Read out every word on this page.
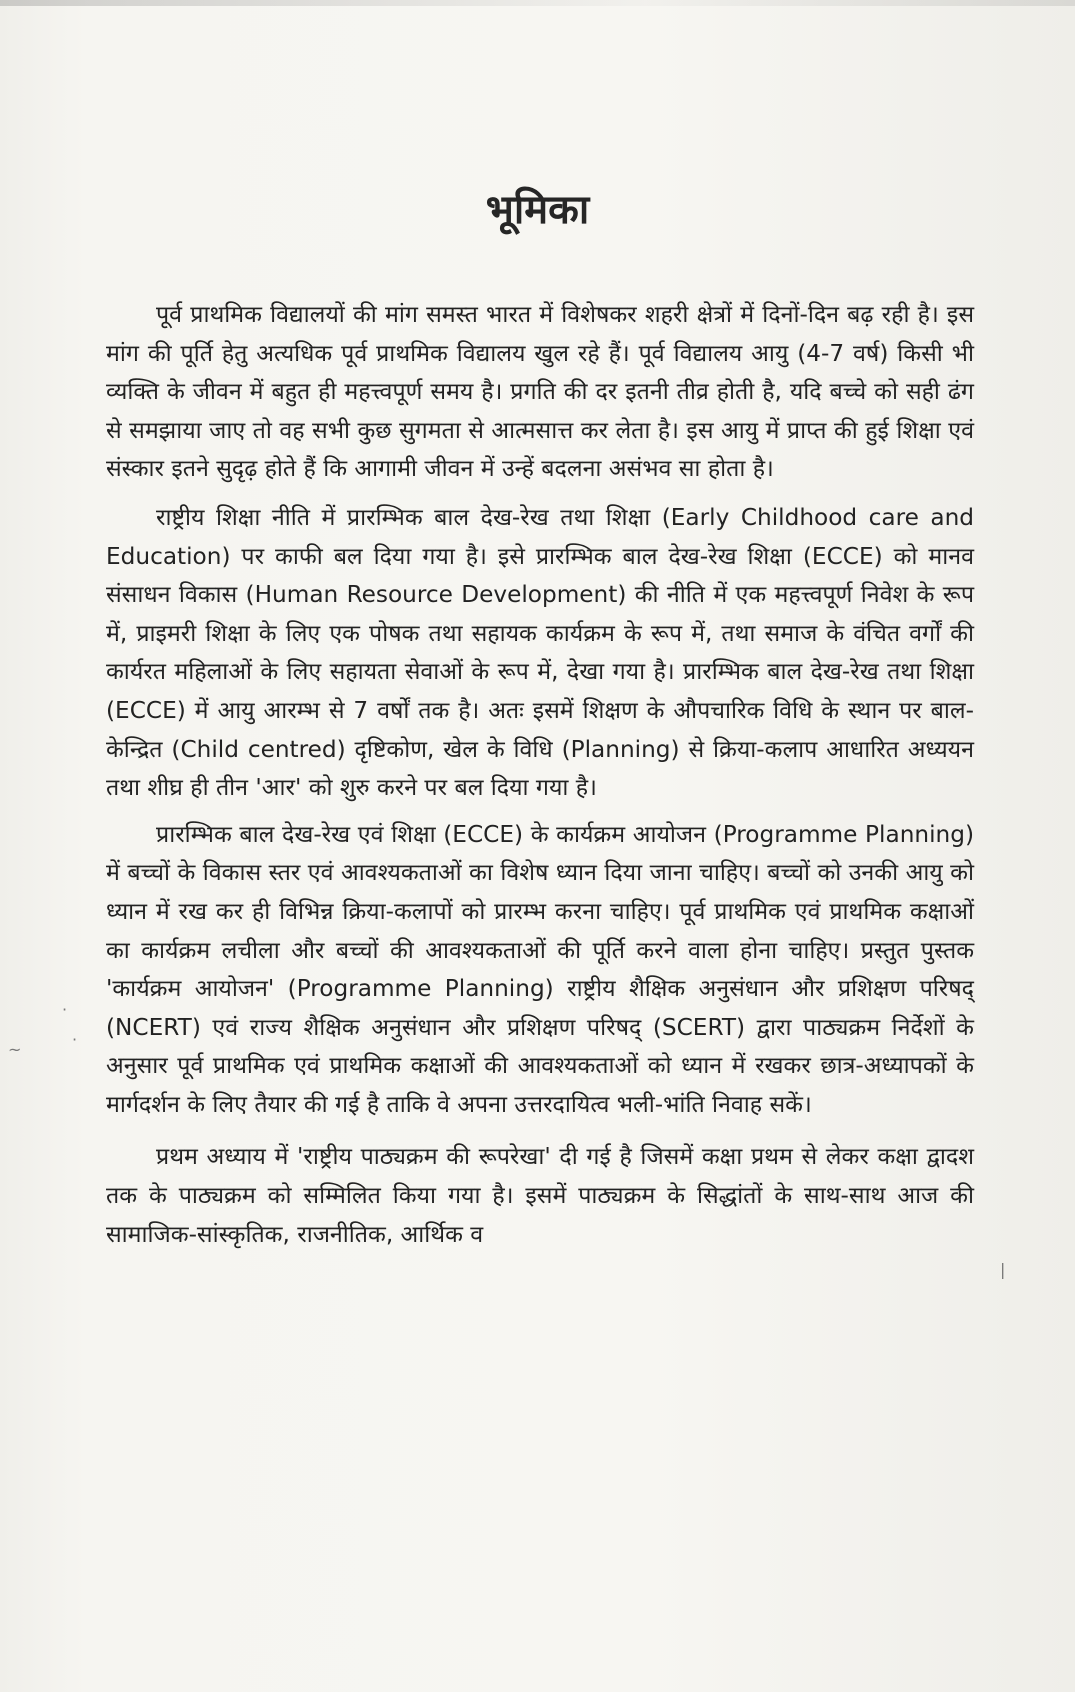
भूमिका

पूर्व प्राथमिक विद्यालयों की मांग समस्त भारत में विशेषकर शहरी क्षेत्रों में दिनों-दिन बढ़ रही है। इस मांग की पूर्ति हेतु अत्यधिक पूर्व प्राथमिक विद्यालय खुल रहे हैं। पूर्व विद्यालय आयु (4-7 वर्ष) किसी भी व्यक्ति के जीवन में बहुत ही महत्त्वपूर्ण समय है। प्रगति की दर इतनी तीव्र होती है, यदि बच्चे को सही ढंग से समझाया जाए तो वह सभी कुछ सुगमता से आत्मसात्त कर लेता है। इस आयु में प्राप्त की हुई शिक्षा एवं संस्कार इतने सुदृढ़ होते हैं कि आगामी जीवन में उन्हें बदलना असंभव सा होता है।

राष्ट्रीय शिक्षा नीति में प्रारम्भिक बाल देख-रेख तथा शिक्षा (Early Childhood care and Education) पर काफी बल दिया गया है। इसे प्रारम्भिक बाल देख-रेख शिक्षा (ECCE) को मानव संसाधन विकास (Human Resource Development) की नीति में एक महत्त्वपूर्ण निवेश के रूप में, प्राइमरी शिक्षा के लिए एक पोषक तथा सहायक कार्यक्रम के रूप में, तथा समाज के वंचित वर्गों की कार्यरत महिलाओं के लिए सहायता सेवाओं के रूप में, देखा गया है। प्रारम्भिक बाल देख-रेख तथा शिक्षा (ECCE) में आयु आरम्भ से 7 वर्षों तक है। अतः इसमें शिक्षण के औपचारिक विधि के स्थान पर बाल-केन्द्रित (Child centred) दृष्टिकोण, खेल के विधि (Planning) से क्रिया-कलाप आधारित अध्ययन तथा शीघ्र ही तीन 'आर' को शुरु करने पर बल दिया गया है।

प्रारम्भिक बाल देख-रेख एवं शिक्षा (ECCE) के कार्यक्रम आयोजन (Programme Planning) में बच्चों के विकास स्तर एवं आवश्यकताओं का विशेष ध्यान दिया जाना चाहिए। बच्चों को उनकी आयु को ध्यान में रख कर ही विभिन्न क्रिया-कलापों को प्रारम्भ करना चाहिए। पूर्व प्राथमिक एवं प्राथमिक कक्षाओं का कार्यक्रम लचीला और बच्चों की आवश्यकताओं की पूर्ति करने वाला होना चाहिए। प्रस्तुत पुस्तक 'कार्यक्रम आयोजन' (Programme Planning) राष्ट्रीय शैक्षिक अनुसंधान और प्रशिक्षण परिषद् (NCERT) एवं राज्य शैक्षिक अनुसंधान और प्रशिक्षण परिषद् (SCERT) द्वारा पाठ्यक्रम निर्देशों के अनुसार पूर्व प्राथमिक एवं प्राथमिक कक्षाओं की आवश्यकताओं को ध्यान में रखकर छात्र-अध्यापकों के मार्गदर्शन के लिए तैयार की गई है ताकि वे अपना उत्तरदायित्व भली-भांति निवाह सकें।

प्रथम अध्याय में 'राष्ट्रीय पाठ्यक्रम की रूपरेखा' दी गई है जिसमें कक्षा प्रथम से लेकर कक्षा द्वादश तक के पाठ्यक्रम को सम्मिलित किया गया है। इसमें पाठ्यक्रम के सिद्धांतों के साथ-साथ आज की सामाजिक-सांस्कृतिक, राजनीतिक, आर्थिक व

·
·
~
|
